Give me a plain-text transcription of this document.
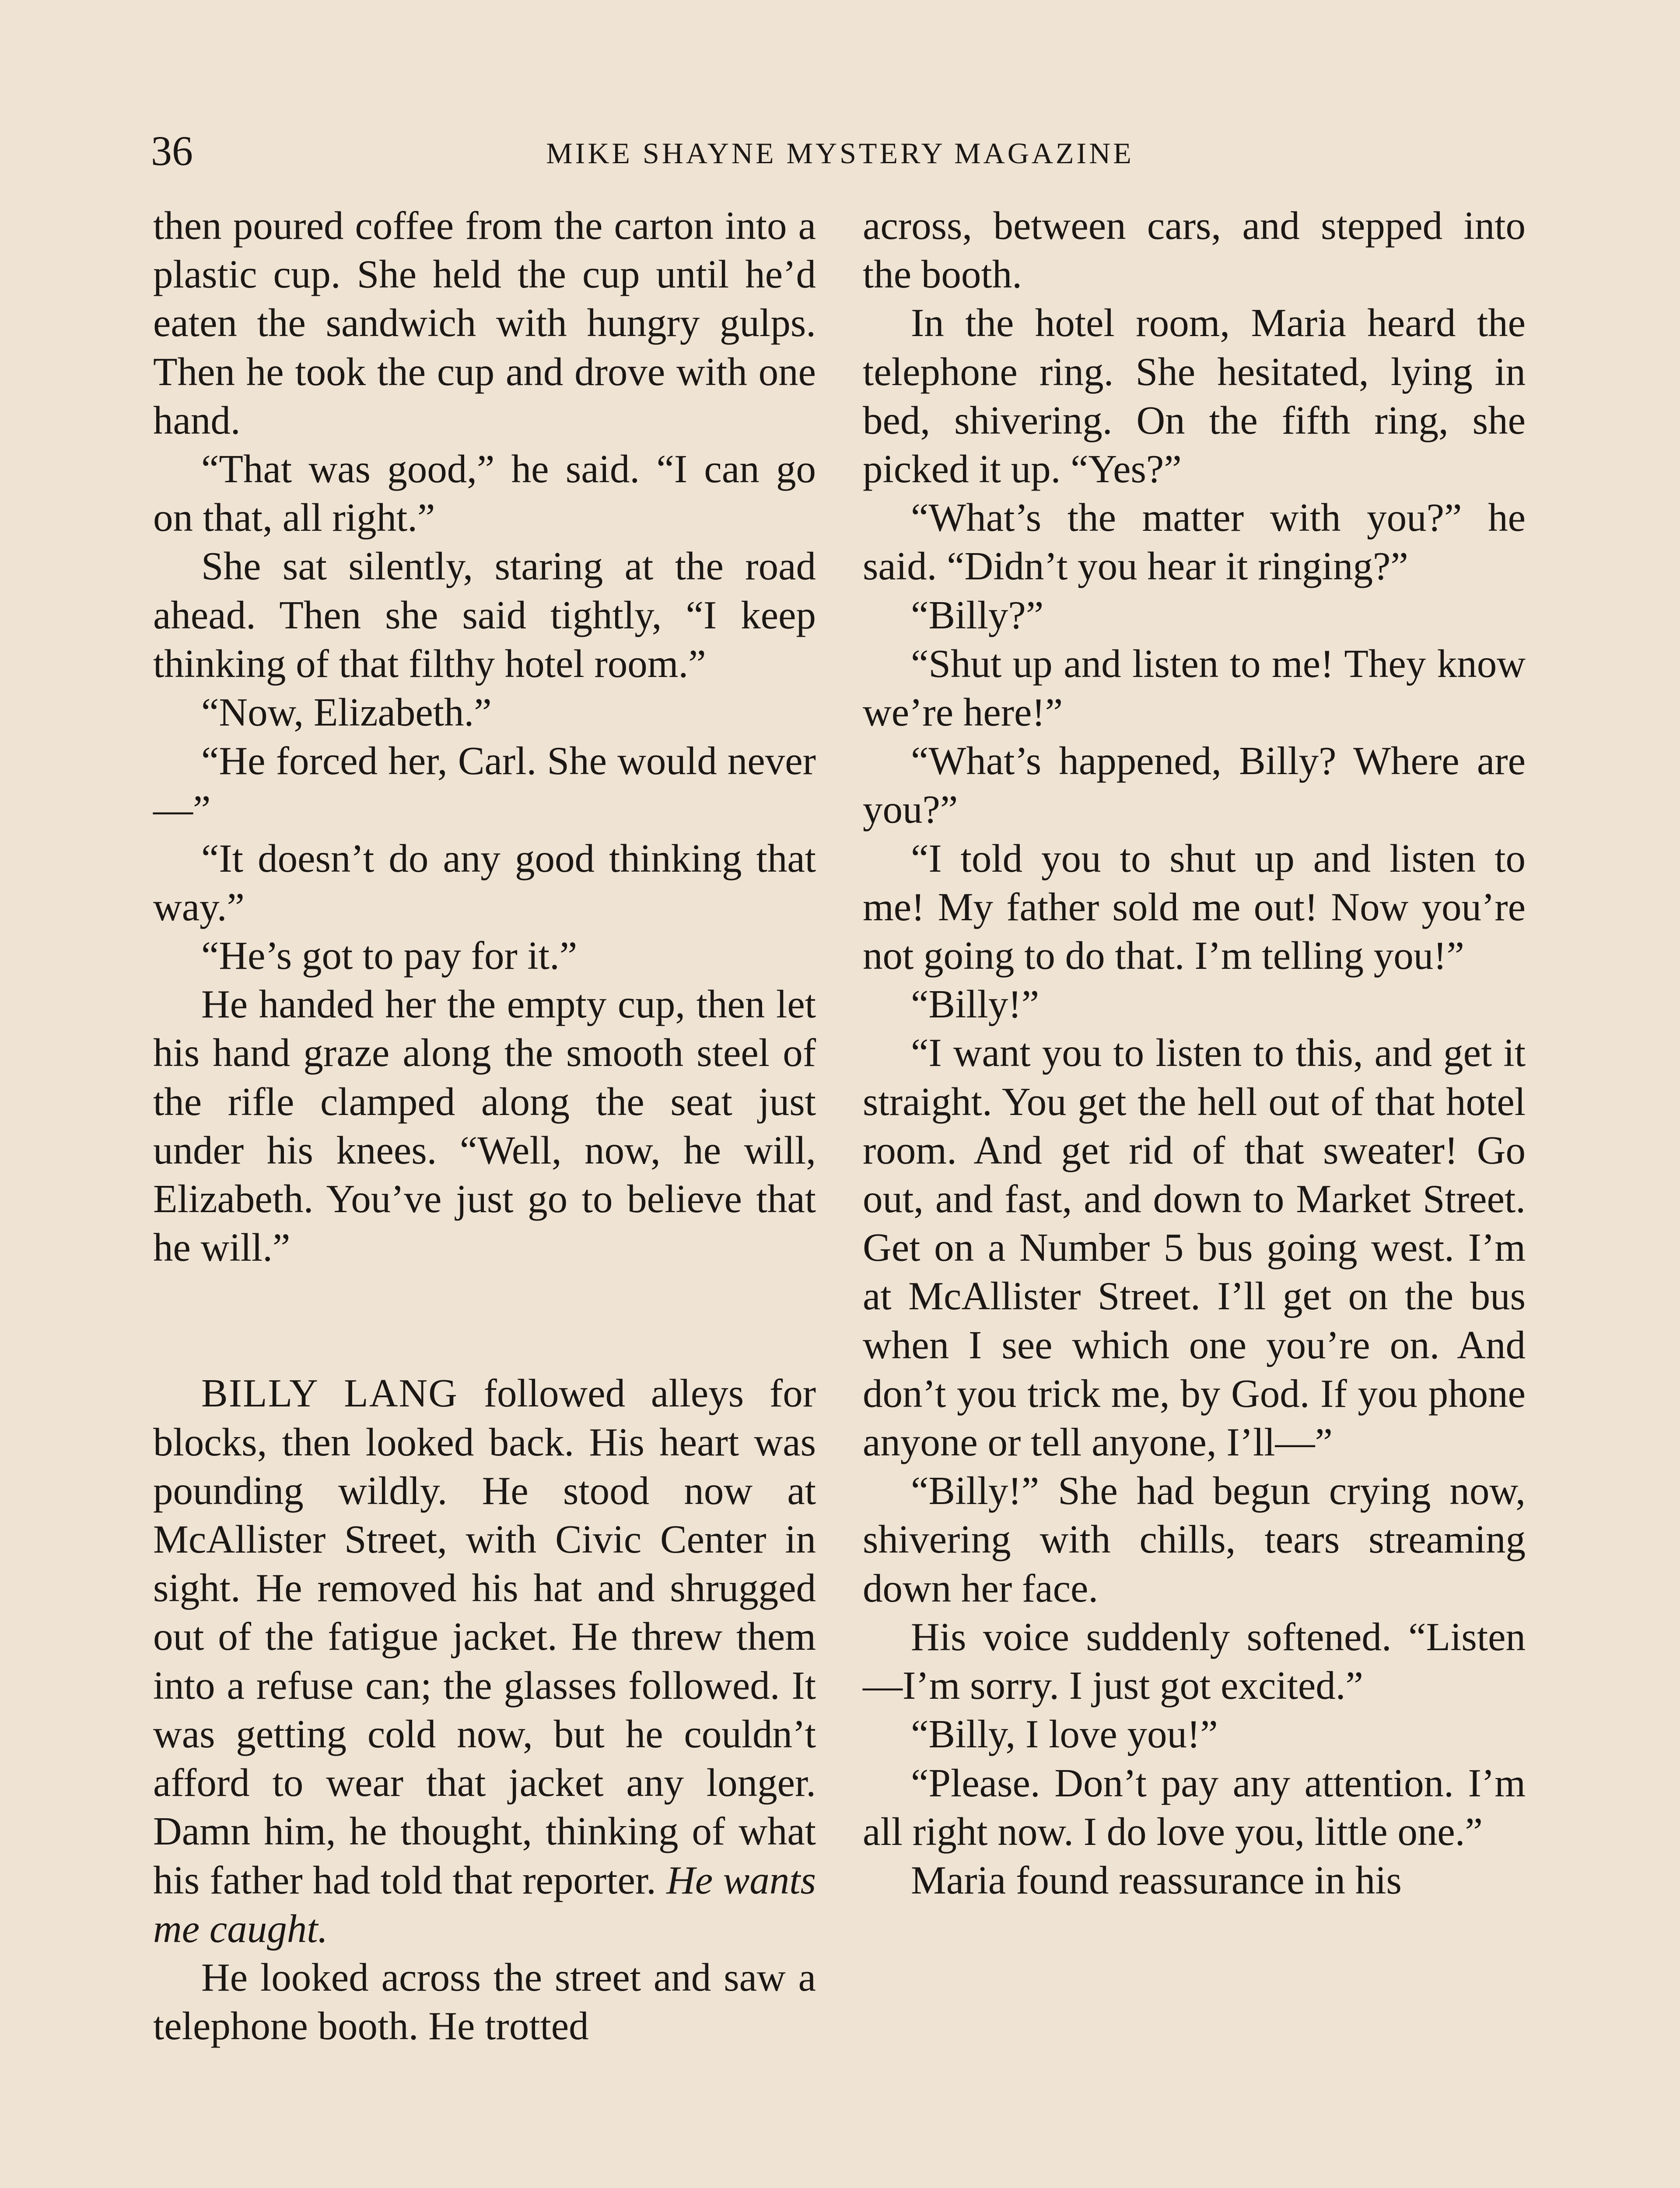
36	MIKE SHAYNE MYSTERY MAGAZINE

then poured coffee from the carton into a plastic cup. She held the cup until he’d eaten the sandwich with hungry gulps. Then he took the cup and drove with one hand.

“That was good,” he said. “I can go on that, all right.”

She sat silently, staring at the road ahead. Then she said tightly, “I keep thinking of that filthy hotel room.”

“Now, Elizabeth.”

“He forced her, Carl. She would never—”

“It doesn’t do any good thinking that way.”

“He’s got to pay for it.”

He handed her the empty cup, then let his hand graze along the smooth steel of the rifle clamped along the seat just under his knees. “Well, now, he will, Elizabeth. You’ve just go to believe that he will.”

BILLY LANG followed alleys for blocks, then looked back. His heart was pounding wildly. He stood now at McAllister Street, with Civic Center in sight. He removed his hat and shrugged out of the fatigue jacket. He threw them into a refuse can; the glasses followed. It was getting cold now, but he couldn’t afford to wear that jacket any longer. Damn him, he thought, thinking of what his father had told that reporter. He wants me caught.

He looked across the street and saw a telephone booth. He trotted

across, between cars, and stepped into the booth.

In the hotel room, Maria heard the telephone ring. She hesitated, lying in bed, shivering. On the fifth ring, she picked it up. “Yes?”

“What’s the matter with you?” he said. “Didn’t you hear it ringing?”

“Billy?”

“Shut up and listen to me! They know we’re here!”

“What’s happened, Billy? Where are you?”

“I told you to shut up and listen to me! My father sold me out! Now you’re not going to do that. I’m telling you!”

“Billy!”

“I want you to listen to this, and get it straight. You get the hell out of that hotel room. And get rid of that sweater! Go out, and fast, and down to Market Street. Get on a Number 5 bus going west. I’m at McAllister Street. I’ll get on the bus when I see which one you’re on. And don’t you trick me, by God. If you phone anyone or tell anyone, I’ll—”

“Billy!” She had begun crying now, shivering with chills, tears streaming down her face.

His voice suddenly softened. “Listen—I’m sorry. I just got excited.”

“Billy, I love you!”

“Please. Don’t pay any attention. I’m all right now. I do love you, little one.”

Maria found reassurance in his
